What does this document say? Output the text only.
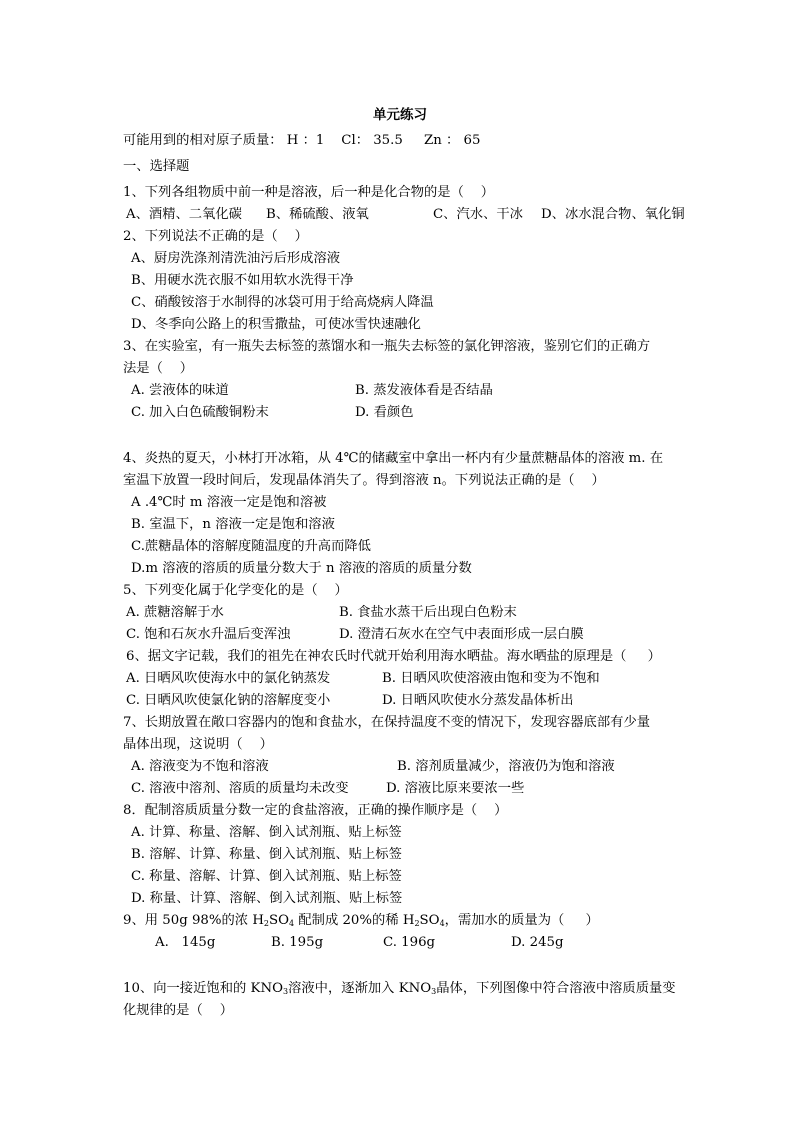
单元练习
可能用到的相对原子质量： H ：1    Cl： 35.5     Zn ： 65
一、选择题
1、下列各组物质中前一种是溶液，后一种是化合物的是（    ）
A、酒精、二氧化碳 B、稀硫酸、液氧	C、汽水、干冰 D、冰水混合物、氧化铜
2、下列说法不正确的是（    ）
A、厨房洗涤剂清洗油污后形成溶液
B、用硬水洗衣服不如用软水洗得干净
C、硝酸铵溶于水制得的冰袋可用于给高烧病人降温
D、冬季向公路上的积雪撒盐，可使冰雪快速融化
3、在实验室，有一瓶失去标签的蒸馏水和一瓶失去标签的氯化钾溶液，鉴别它们的正确方
法是（    ）
A. 尝液体的味道	B. 蒸发液体看是否结晶
C. 加入白色硫酸铜粉末	D. 看颜色
4、炎热的夏天，小林打开冰箱，从 4℃的储藏室中拿出一杯内有少量蔗糖晶体的溶液 m. 在
室温下放置一段时间后，发现晶体消失了。得到溶液 n。下列说法正确的是（    ）
A .4℃时 m 溶液一定是饱和溶被
B. 室温下，n 溶液一定是饱和溶液
C.蔗糖晶体的溶解度随温度的升高而降低
D.m 溶液的溶质的质量分数大于 n 溶液的溶质的质量分数
5、下列变化属于化学变化的是（    ）
A. 蔗糖溶解于水	B. 食盐水蒸干后出现白色粉末
C. 饱和石灰水升温后变浑浊	D. 澄清石灰水在空气中表面形成一层白膜
6、据文字记载，我们的祖先在神农氏时代就开始利用海水晒盐。海水晒盐的原理是（     ）
A. 日晒风吹使海水中的氯化钠蒸发	B. 日晒风吹使溶液由饱和变为不饱和
C. 日晒风吹使氯化钠的溶解度变小	D. 日晒风吹使水分蒸发晶体析出
7、长期放置在敞口容器内的饱和食盐水，在保持温度不变的情况下，发现容器底部有少量
晶体出现，这说明（    ）
A. 溶液变为不饱和溶液	B. 溶剂质量减少，溶液仍为饱和溶液
C. 溶液中溶剂、溶质的质量均未改变	D. 溶液比原来要浓一些
8．配制溶质质量分数一定的食盐溶液，正确的操作顺序是（    ）
A. 计算、称量、溶解、倒入试剂瓶、贴上标签
B. 溶解、计算、称量、倒入试剂瓶、贴上标签
C. 称量、溶解、计算、倒入试剂瓶、贴上标签
D. 称量、计算、溶解、倒入试剂瓶、贴上标签
9、用 50g 98%的浓 $H_2SO_4$ 配制成 20%的稀 $H_2SO_4$，需加水的质量为（     ）
A.   145g	B. 195g	C. 196g	D. 245g
10、向一接近饱和的 $KNO_3$溶液中，逐渐加入 $KNO_3$晶体，下列图像中符合溶液中溶质质量变
化规律的是（    ）
